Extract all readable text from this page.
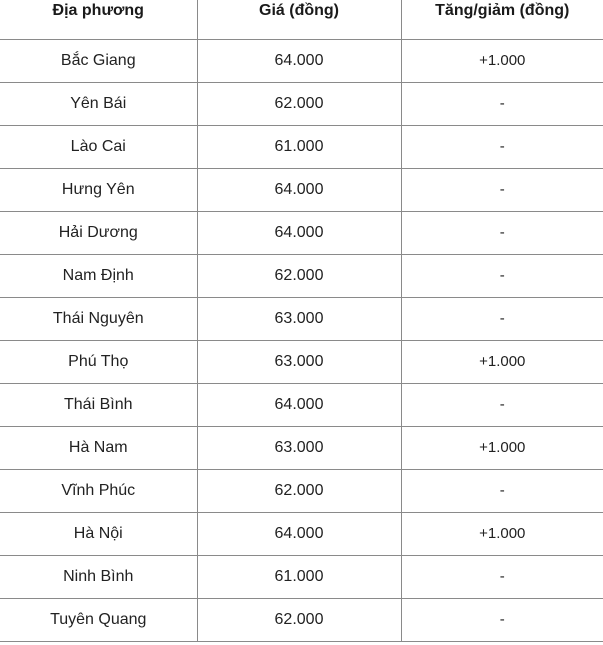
Địa phương	Giá (đồng)	Tăng/giảm (đồng)
Bắc Giang	64.000	+1.000
Yên Bái	62.000	-
Lào Cai	61.000	-
Hưng Yên	64.000	-
Hải Dương	64.000	-
Nam Định	62.000	-
Thái Nguyên	63.000	-
Phú Thọ	63.000	+1.000
Thái Bình	64.000	-
Hà Nam	63.000	+1.000
Vĩnh Phúc	62.000	-
Hà Nội	64.000	+1.000
Ninh Bình	61.000	-
Tuyên Quang	62.000	-
